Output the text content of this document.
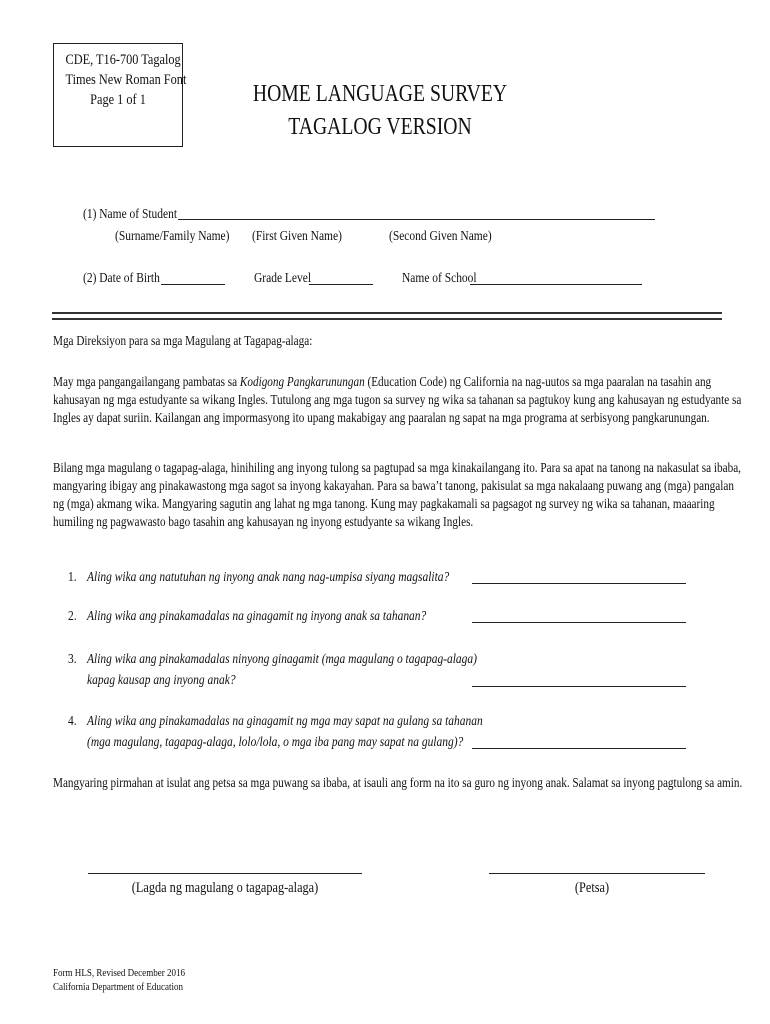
CDE, T16-700 Tagalog
Times New Roman Font
Page 1 of 1	HOME LANGUAGE SURVEY
TAGALOG VERSION
(1) Name of Student
(Surname/Family Name)	(First Given Name)	(Second Given Name)
(2) Date of Birth	Grade Level	Name of School
Mga Direksiyon para sa mga Magulang at Tagapag-alaga:
May mga pangangailangang pambatas sa Kodigong Pangkarunungan (Education Code) ng California na nag-uutos sa mga paaralan na tasahin ang
kahusayan ng mga estudyante sa wikang Ingles. Tutulong ang mga tugon sa survey ng wika sa tahanan sa pagtukoy kung ang kahusayan ng estudyante sa
Ingles ay dapat suriin. Kailangan ang impormasyong ito upang makabigay ang paaralan ng sapat na mga programa at serbisyong pangkarunungan.
Bilang mga magulang o tagapag-alaga, hinihiling ang inyong tulong sa pagtupad sa mga kinakailangang ito. Para sa apat na tanong na nakasulat sa ibaba,
mangyaring ibigay ang pinakawastong mga sagot sa inyong kakayahan. Para sa bawa’t tanong, pakisulat sa mga nakalaang puwang ang (mga) pangalan
ng (mga) akmang wika. Mangyaring sagutin ang lahat ng mga tanong. Kung may pagkakamali sa pagsagot ng survey ng wika sa tahanan, maaaring
humiling ng pagwawasto bago tasahin ang kahusayan ng inyong estudyante sa wikang Ingles.
1. Aling wika ang natutuhan ng inyong anak nang nag-umpisa siyang magsalita?
2. Aling wika ang pinakamadalas na ginagamit ng inyong anak sa tahanan?
3. Aling wika ang pinakamadalas ninyong ginagamit (mga magulang o tagapag-alaga)
kapag kausap ang inyong anak?
4. Aling wika ang pinakamadalas na ginagamit ng mga may sapat na gulang sa tahanan
(mga magulang, tagapag-alaga, lolo/lola, o mga iba pang may sapat na gulang)?
Mangyaring pirmahan at isulat ang petsa sa mga puwang sa ibaba, at isauli ang form na ito sa guro ng inyong anak. Salamat sa inyong pagtulong sa amin.
(Lagda ng magulang o tagapag-alaga)	(Petsa)
Form HLS, Revised December 2016
California Department of Education
